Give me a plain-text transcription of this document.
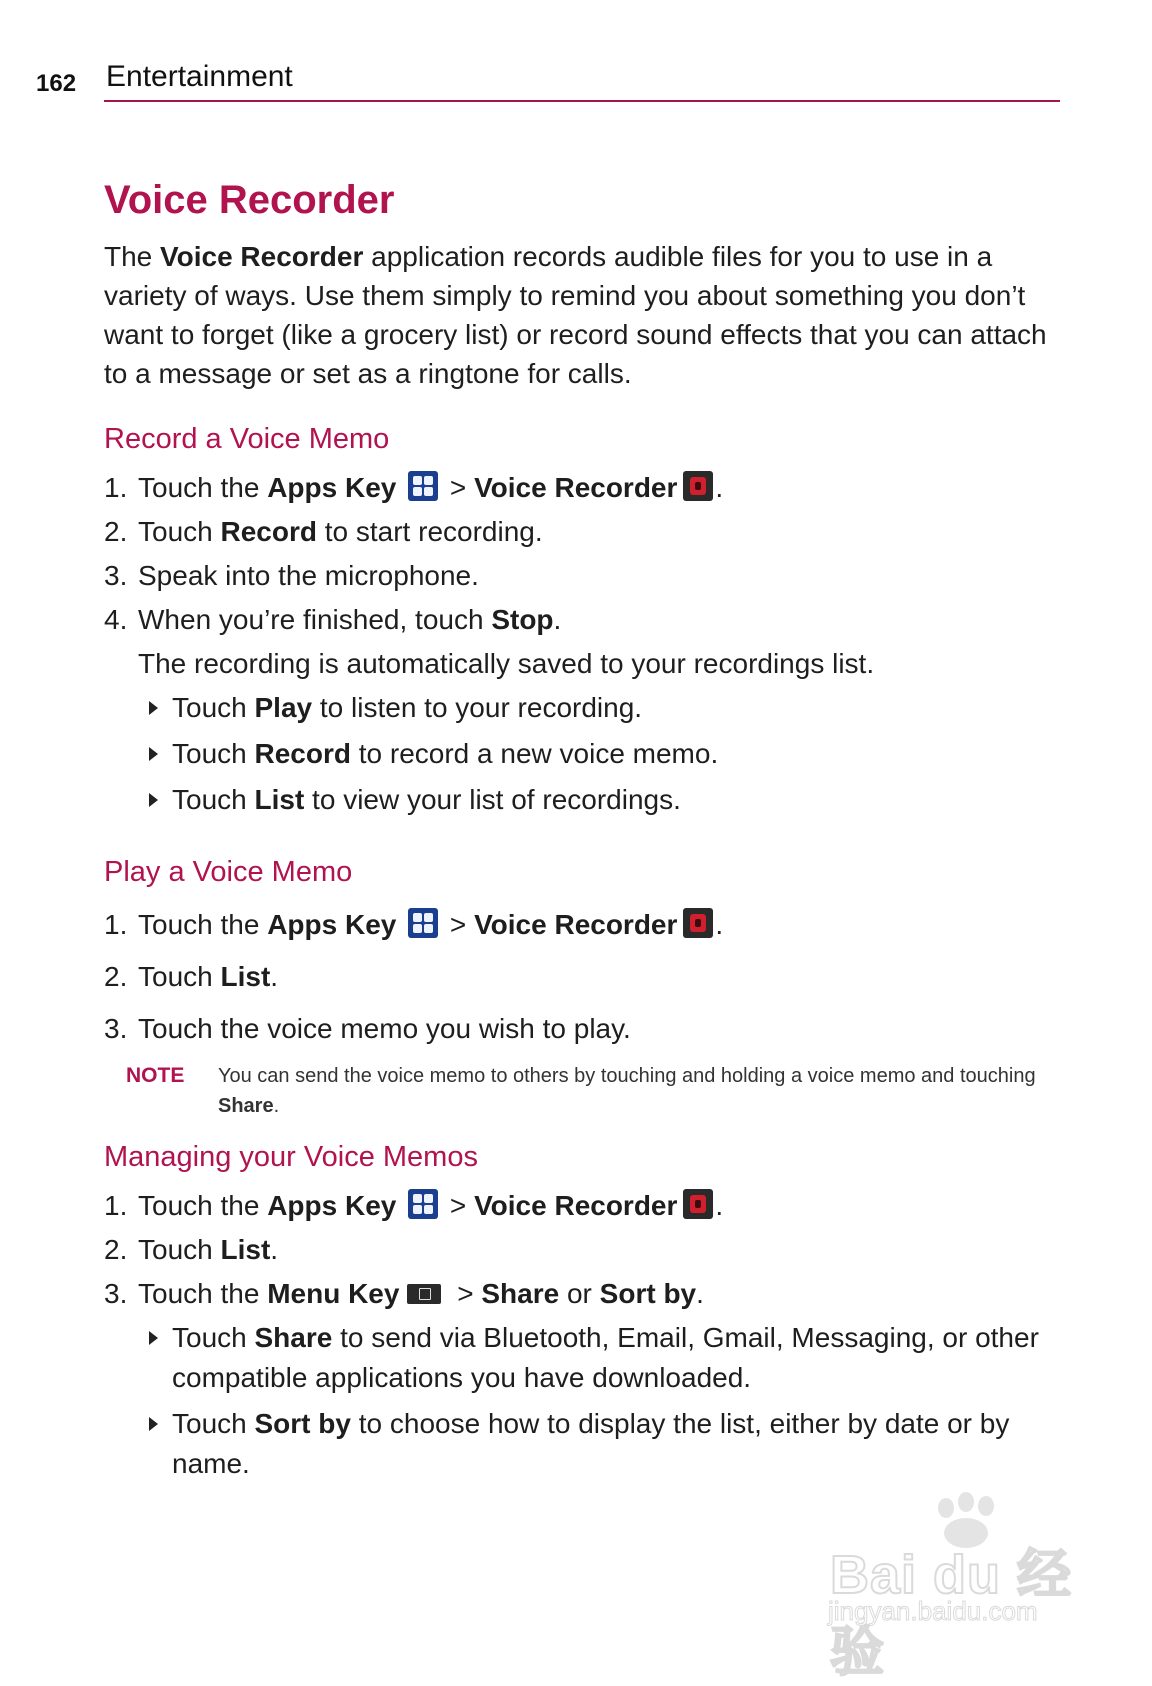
162 Entertainment
Voice Recorder

The Voice Recorder application records audible files for you to use in a variety of ways. Use them simply to remind you about something you don’t want to forget (like a grocery list) or record sound effects that you can attach to a message or set as a ringtone for calls.

Record a Voice Memo
1. Touch the Apps Key
> Voice Recorder .
2. Touch Record to start recording.
3. Speak into the microphone.
4. When you’re finished, touch Stop.

The recording is automatically saved to your recordings list.

Touch Play to listen to your recording.
Touch Record to record a new voice memo.
Touch List to view your list of recordings.
Play a Voice Memo
1. Touch the Apps Key
> Voice Recorder .
2. Touch List.
3. Touch the voice memo you wish to play.
NOTE You can send the voice memo to others by touching and holding a voice memo and touching Share.
Managing your Voice Memos
1. Touch the Apps Key
> Voice Recorder .
2. Touch List.
3. Touch the Menu Key
> Share or Sort by.
Touch Share to send via Bluetooth, Email, Gmail, Messaging, or other compatible applications you have downloaded.
Touch Sort by to choose how to display the list, either by date or by name.
Bai du 经验
jingyan.baidu.com
